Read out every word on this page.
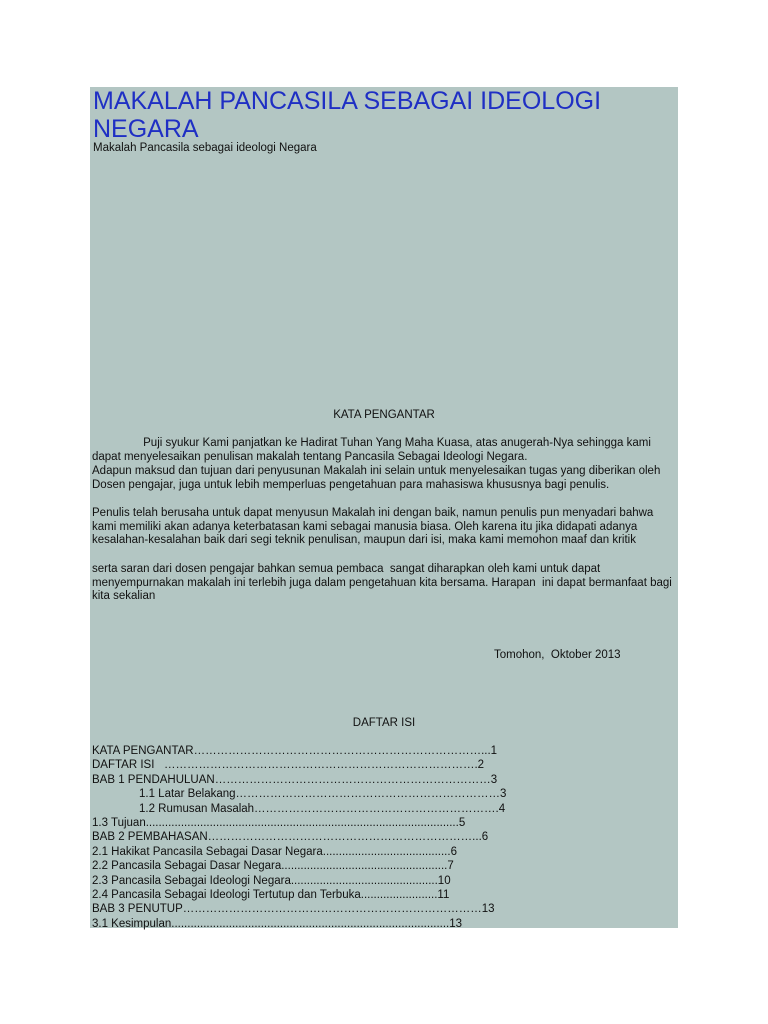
MAKALAH PANCASILA SEBAGAI IDEOLOGI NEGARA
Makalah Pancasila sebagai ideologi Negara
KATA PENGANTAR
Puji syukur Kami panjatkan ke Hadirat Tuhan Yang Maha Kuasa, atas anugerah-Nya sehingga kami dapat menyelesaikan penulisan makalah tentang Pancasila Sebagai Ideologi Negara.
Adapun maksud dan tujuan dari penyusunan Makalah ini selain untuk menyelesaikan tugas yang diberikan oleh Dosen pengajar, juga untuk lebih memperluas pengetahuan para mahasiswa khususnya bagi penulis.
Penulis telah berusaha untuk dapat menyusun Makalah ini dengan baik, namun penulis pun menyadari bahwa kami memiliki akan adanya keterbatasan kami sebagai manusia biasa. Oleh karena itu jika didapati adanya kesalahan-kesalahan baik dari segi teknik penulisan, maupun dari isi, maka kami memohon maaf dan kritik
serta saran dari dosen pengajar bahkan semua pembaca  sangat diharapkan oleh kami untuk dapat menyempurnakan makalah ini terlebih juga dalam pengetahuan kita bersama. Harapan  ini dapat bermanfaat bagi kita sekalian
Tomohon,  Oktober 2013
DAFTAR ISI
KATA PENGANTAR…………………………………………………………………...1
DAFTAR ISI   ……………………………………………………………………….2
BAB 1 PENDAHULUAN………………………………………………………………3
1.1 Latar Belakang……………………………………………………………3
1.2 Rumusan Masalah……………………………………………………….4
1.3 Tujuan..................................................................................................5
BAB 2 PEMBAHASAN……………………………………………………………...6
2.1 Hakikat Pancasila Sebagai Dasar Negara........................................6
2.2 Pancasila Sebagai Dasar Negara....................................................7
2.3 Pancasila Sebagai Ideologi Negara..............................................10
2.4 Pancasila Sebagai Ideologi Tertutup dan Terbuka........................11
BAB 3 PENUTUP……………………………………………………………………13
3.1 Kesimpulan.......................................................................................13
